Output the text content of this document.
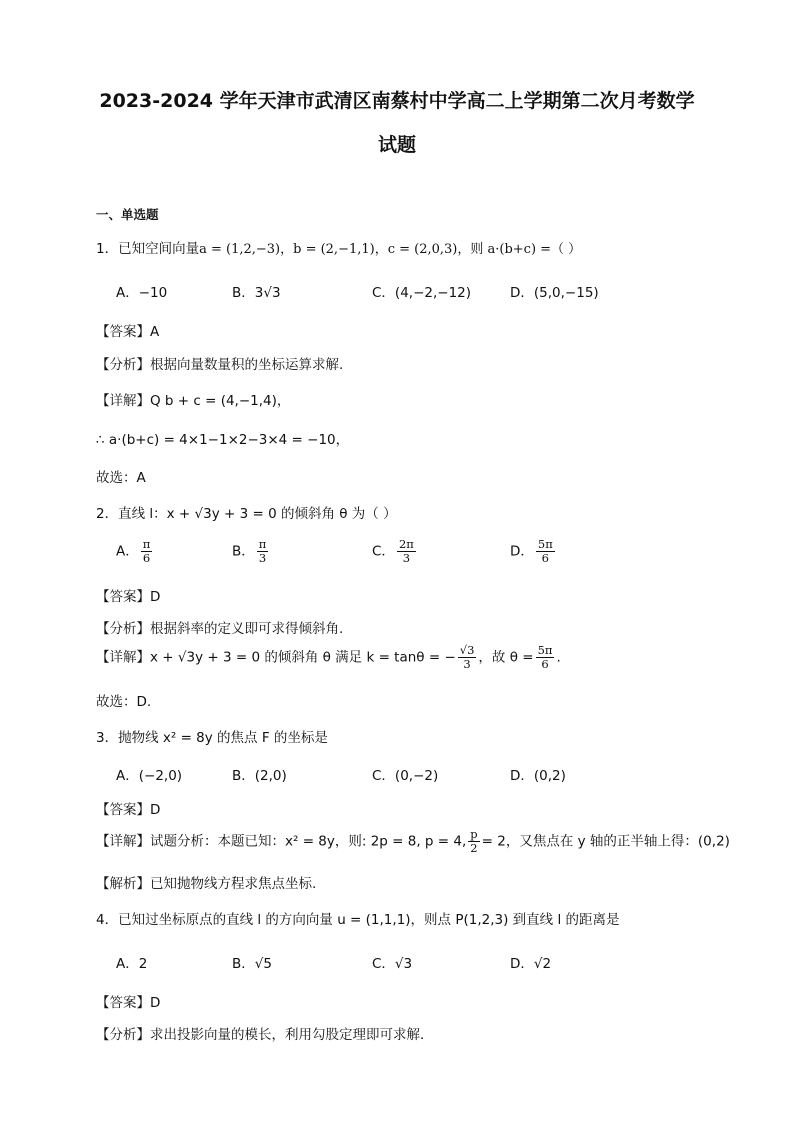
2023-2024 学年天津市武清区南蔡村中学高二上学期第二次月考数学
试题
一、单选题
1．已知空间向量a = (1,2,−3)，b = (2,−1,1)，c = (2,0,3)，则 a·(b+c) =（ ）
A．−10	B．3√3	C．(4,−2,−12)	D．(5,0,−15)
【答案】A
【分析】根据向量数量积的坐标运算求解.
【详解】Q b + c = (4,−1,4)，
∴ a·(b+c) = 4×1−1×2−3×4 = −10，
故选：A
2．直线 l：x + √3y + 3 = 0 的倾斜角 θ 为（ ）
A． $\frac{\pi}{6}$	B． $\frac{\pi}{3}$	C． $\frac{2\pi}{3}$	D． $\frac{5\pi}{6}$
【答案】D
【分析】根据斜率的定义即可求得倾斜角.
【详解】x + √3y + 3 = 0 的倾斜角 θ 满足 k = tanθ = − $\frac{√3}{3}$ ，故 $\theta = \frac{5\pi}{6}$ .
故选：D.
3．抛物线 x² = 8y 的焦点 F 的坐标是
A．(−2,0)	B．(2,0)	C．(0,−2)	D．(0,2)
【答案】D
【详解】试题分析：本题已知：x² = 8y，则: 2p = 8, p = 4, $\frac{p}{2} = 2$，又焦点在 y 轴的正半轴上得：(0,2)
【解析】已知抛物线方程求焦点坐标.
4．已知过坐标原点的直线 l 的方向向量 u = (1,1,1)，则点 P(1,2,3) 到直线 l 的距离是
A．2	B．√5	C．√3	D．√2
【答案】D
【分析】求出投影向量的模长，利用勾股定理即可求解.
